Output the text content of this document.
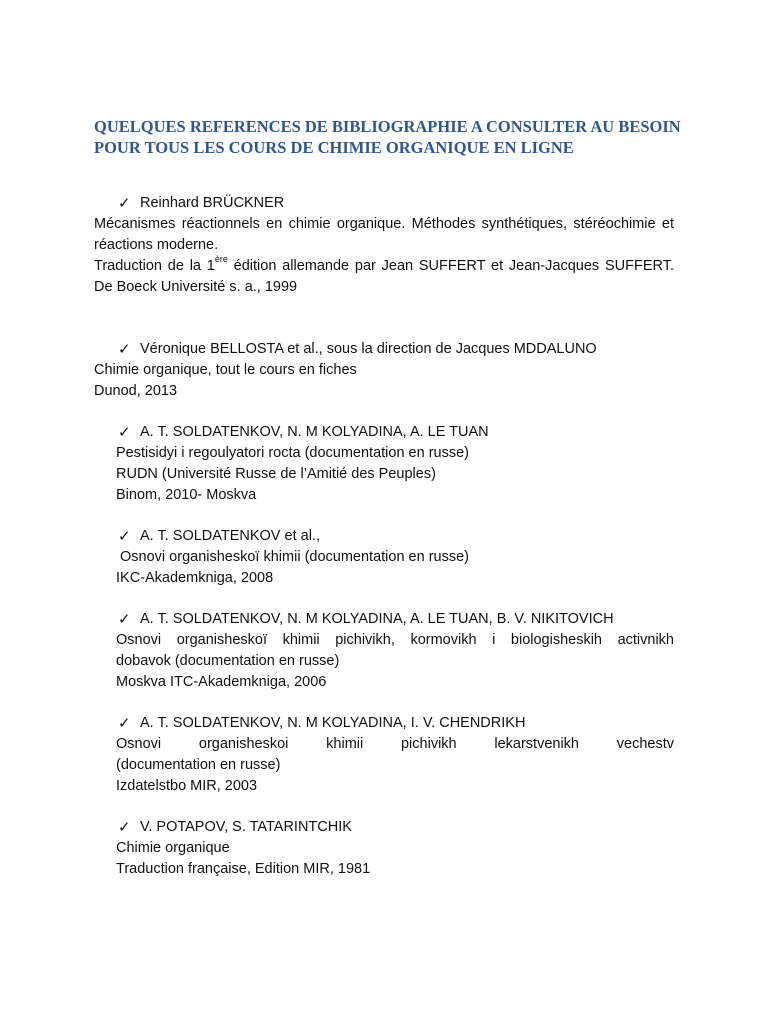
QUELQUES REFERENCES DE BIBLIOGRAPHIE A CONSULTER AU BESOIN POUR TOUS LES COURS DE CHIMIE ORGANIQUE EN LIGNE
✓ Reinhard BRÜCKNER
Mécanismes réactionnels en chimie organique. Méthodes synthétiques, stéréochimie et réactions moderne.
Traduction de la 1ère édition allemande par Jean SUFFERT et Jean-Jacques SUFFERT.
De Boeck Université s. a., 1999
✓ Véronique BELLOSTA et al., sous la direction de Jacques MDDALUNO
Chimie organique, tout le cours en fiches
Dunod, 2013
✓ A. T. SOLDATENKOV, N. M KOLYADINA, A. LE TUAN
Pestisidyi i regoulyatori rocta (documentation en russe)
RUDN (Université Russe de l’Amitié des Peuples)
Binom, 2010- Moskva
✓ A. T. SOLDATENKOV et al.,
Osnovi organisheskoï khimii (documentation en russe)
IKC-Akademkniga, 2008
✓ A. T. SOLDATENKOV, N. M KOLYADINA, A. LE TUAN, B. V. NIKITOVICH
Osnovi organisheskoï khimii pichivikh, kormovikh i biologisheskih activnikh
dobavok (documentation en russe)
Moskva ITC-Akademkniga, 2006
✓ A. T. SOLDATENKOV, N. M KOLYADINA, I. V. CHENDRIKH
Osnovi organisheskoi khimii pichivikh lekarstvenikh vechestv
(documentation en russe)
Izdatelstbo MIR, 2003
✓ V. POTAPOV, S. TATARINTCHIK
Chimie organique
Traduction française, Edition MIR, 1981
